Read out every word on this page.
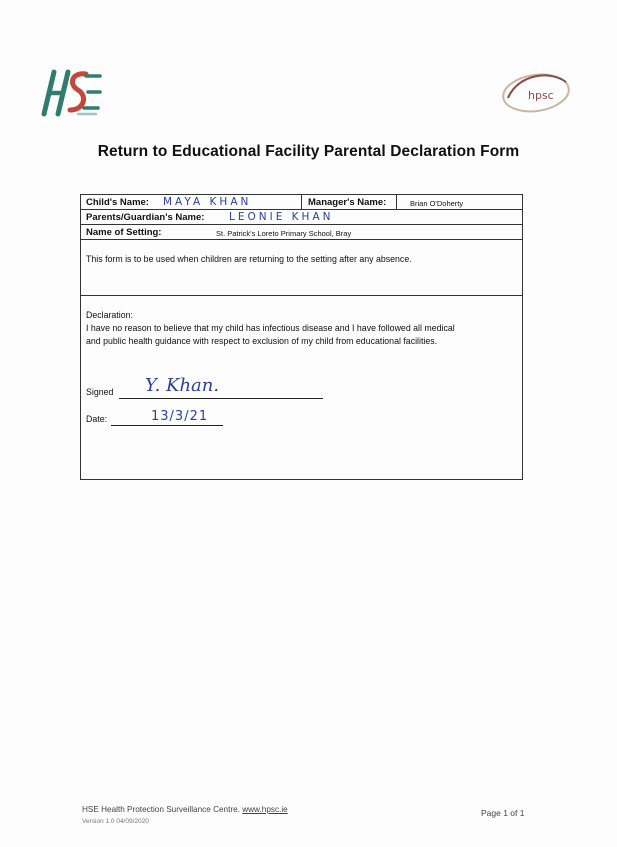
hpsc
Return to Educational Facility Parental Declaration Form
Child's Name: MAYA KHAN	Manager's Name:	Brian O'Doherty
Parents/Guardian's Name: LEONIE KHAN
Name of Setting:	St. Patrick's Loreto Primary School, Bray
This form is to be used when children are returning to the setting after any absence.
Declaration:
I have no reason to believe that my child has infectious disease and I have followed all medical
and public health guidance with respect to exclusion of my child from educational facilities.
Signed Y. Khan.
Date:	13/3/21
HSE Health Protection Surveillance Centre. www.hpsc.ie
Version 1.0 04/09/2020
Page 1 of 1
